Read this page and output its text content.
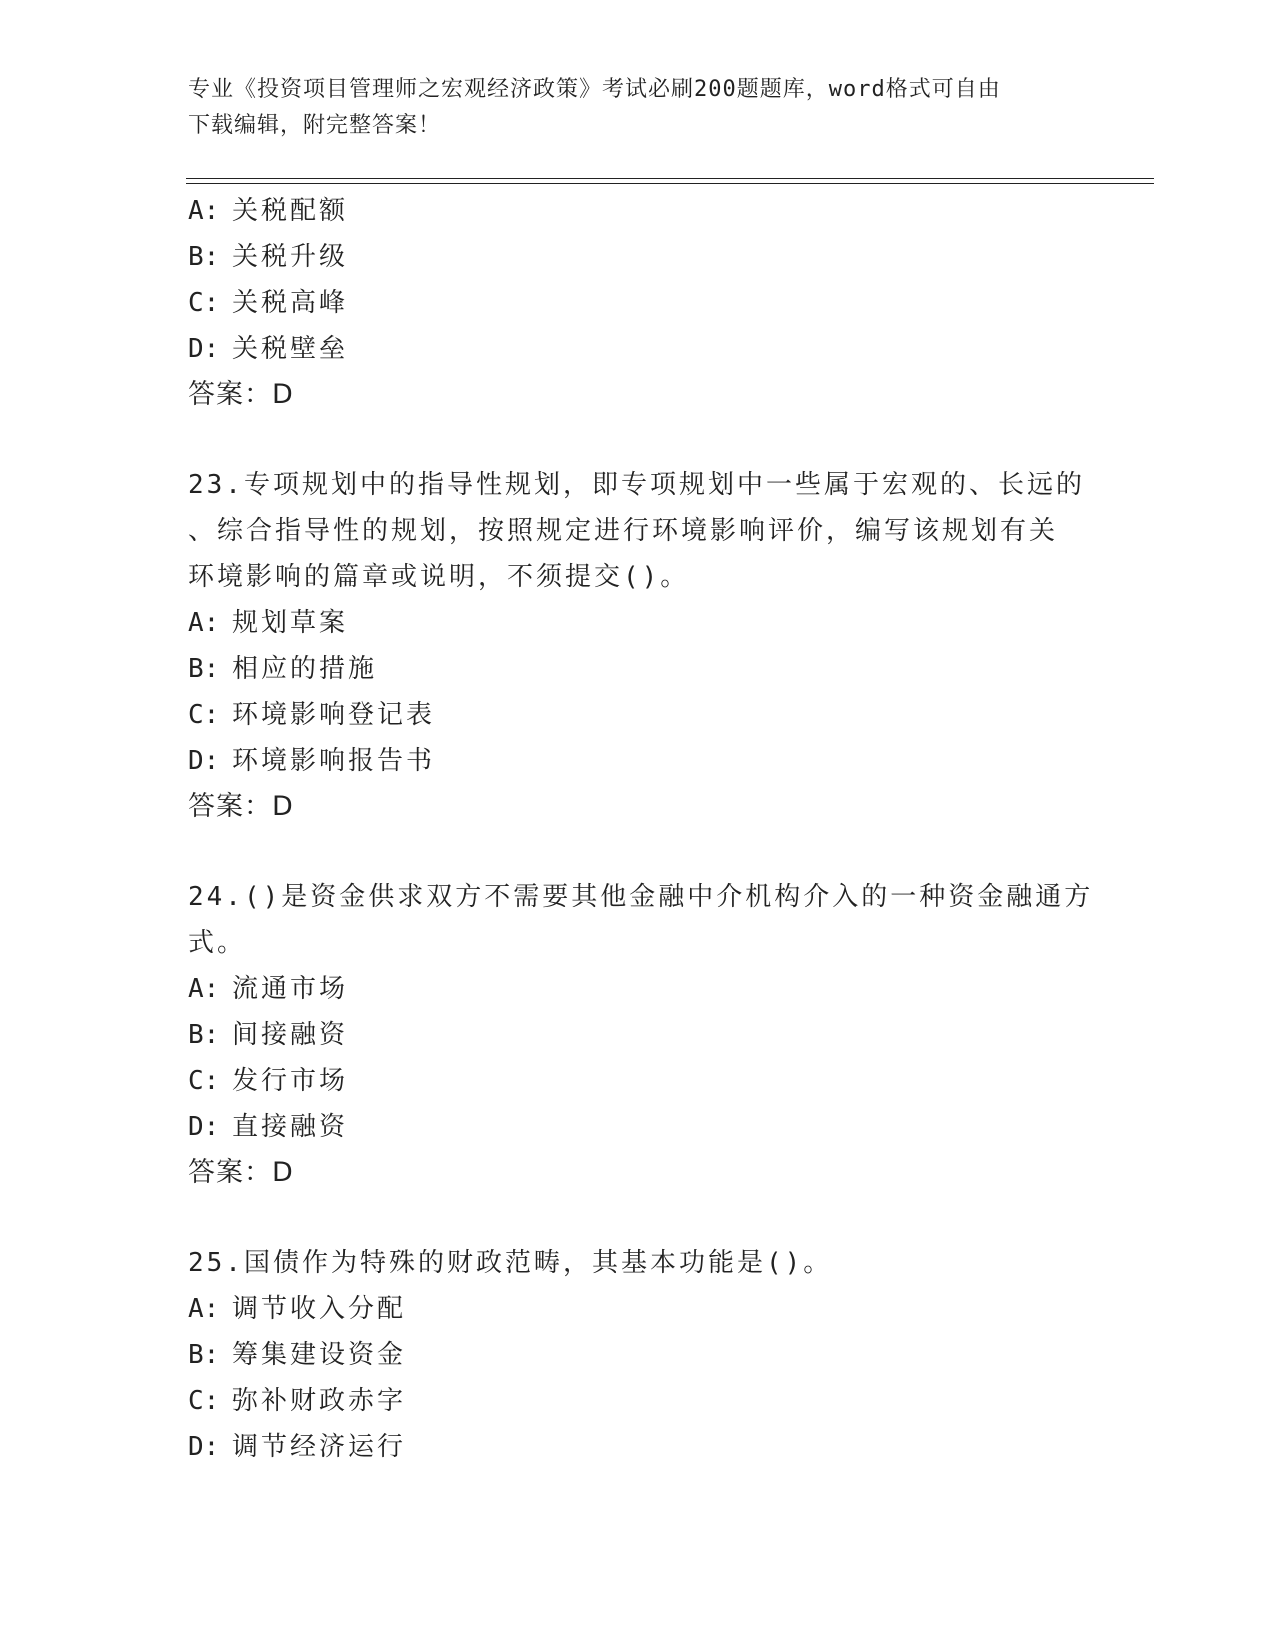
专业《投资项目管理师之宏观经济政策》考试必刷200题题库，word格式可自由
下载编辑，附完整答案！
A: 关税配额
B: 关税升级
C: 关税高峰
D: 关税壁垒
答案：D
23.专项规划中的指导性规划，即专项规划中一些属于宏观的、长远的
、综合指导性的规划，按照规定进行环境影响评价，编写该规划有关
环境影响的篇章或说明，不须提交()。
A: 规划草案
B: 相应的措施
C: 环境影响登记表
D: 环境影响报告书
答案：D
24.()是资金供求双方不需要其他金融中介机构介入的一种资金融通方
式。
A: 流通市场
B: 间接融资
C: 发行市场
D: 直接融资
答案：D
25.国债作为特殊的财政范畴，其基本功能是()。
A: 调节收入分配
B: 筹集建设资金
C: 弥补财政赤字
D: 调节经济运行
